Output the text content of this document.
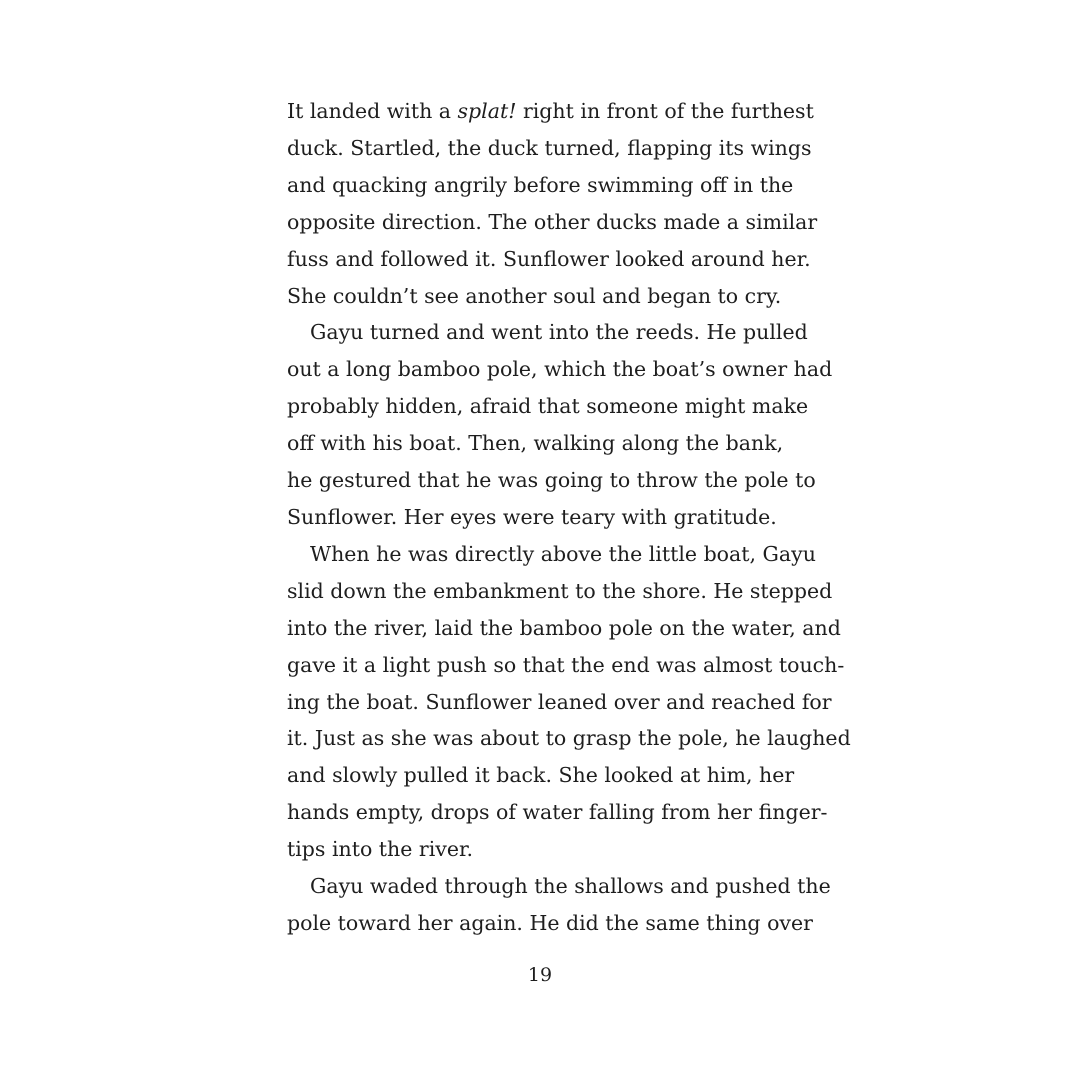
It landed with a splat! right in front of the furthest
duck. Startled, the duck turned, flapping its wings
and quacking angrily before swimming off in the
opposite direction. The other ducks made a similar
fuss and followed it. Sunflower looked around her.
She couldn’t see another soul and began to cry.
Gayu turned and went into the reeds. He pulled
out a long bamboo pole, which the boat’s owner had
probably hidden, afraid that someone might make
off with his boat. Then, walking along the bank,
he gestured that he was going to throw the pole to
Sunflower. Her eyes were teary with gratitude.
When he was directly above the little boat, Gayu
slid down the embankment to the shore. He stepped
into the river, laid the bamboo pole on the water, and
gave it a light push so that the end was almost touch-
ing the boat. Sunflower leaned over and reached for
it. Just as she was about to grasp the pole, he laughed
and slowly pulled it back. She looked at him, her
hands empty, drops of water falling from her finger-
tips into the river.
Gayu waded through the shallows and pushed the
pole toward her again. He did the same thing over
19
